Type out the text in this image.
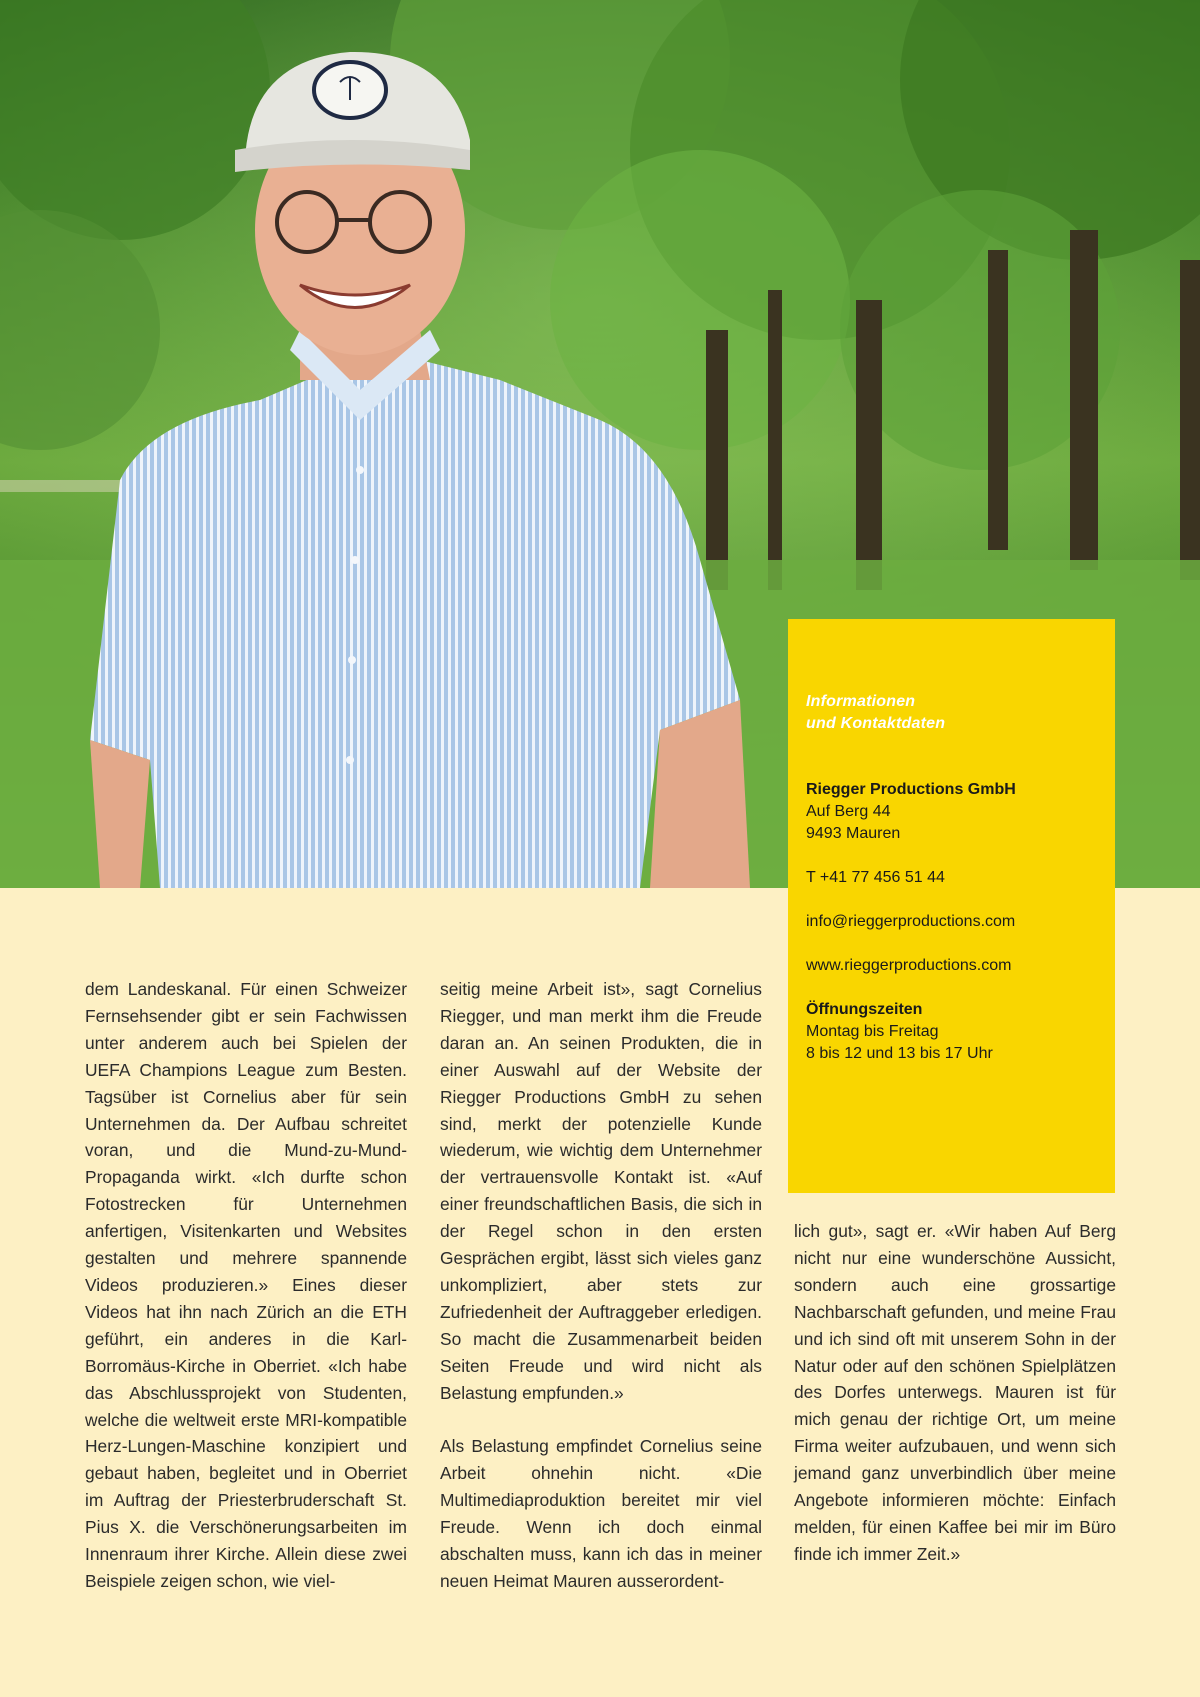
Informationen
und Kontaktdaten
Riegger Productions GmbH
Auf Berg 44
9493 Mauren
T +41 77 456 51 44
info@rieggerproductions.com
www.rieggerproductions.com
Öffnungszeiten
Montag bis Freitag
8 bis 12 und 13 bis 17 Uhr

dem Landeskanal. Für einen Schweizer Fernsehsender gibt er sein Fachwissen unter anderem auch bei Spielen der UEFA Champions League zum Besten. Tagsüber ist Cornelius aber für sein Unternehmen da. Der Aufbau schreitet voran, und die Mund-zu-Mund-Propaganda wirkt. «Ich durfte schon Fotostrecken für Unternehmen anfertigen, Visitenkarten und Websites gestalten und mehrere spannende Videos produzieren.» Eines dieser Videos hat ihn nach Zürich an die ETH geführt, ein anderes in die Karl-Borromäus-Kirche in Oberriet. «Ich habe das Abschlussprojekt von Studenten, welche die weltweit erste MRI-kompatible Herz-Lungen-Maschine konzipiert und gebaut haben, begleitet und in Oberriet im Auftrag der Priesterbruderschaft St. Pius X. die Verschönerungsarbeiten im Innenraum ihrer Kirche. Allein diese zwei Beispiele zeigen schon, wie viel-

seitig meine Arbeit ist», sagt Cornelius Riegger, und man merkt ihm die Freude daran an. An seinen Produkten, die in einer Auswahl auf der Website der Riegger Productions GmbH zu sehen sind, merkt der potenzielle Kunde wiederum, wie wichtig dem Unternehmer der vertrauensvolle Kontakt ist. «Auf einer freundschaftlichen Basis, die sich in der Regel schon in den ersten Gesprächen ergibt, lässt sich vieles ganz unkompliziert, aber stets zur Zufriedenheit der Auftraggeber erledigen. So macht die Zusammenarbeit beiden Seiten Freude und wird nicht als Belastung empfunden.»

Als Belastung empfindet Cornelius seine Arbeit ohnehin nicht. «Die Multimediaproduktion bereitet mir viel Freude. Wenn ich doch einmal abschalten muss, kann ich das in meiner neuen Heimat Mauren ausserordent-

lich gut», sagt er. «Wir haben Auf Berg nicht nur eine wunderschöne Aussicht, sondern auch eine grossartige Nachbarschaft gefunden, und meine Frau und ich sind oft mit unserem Sohn in der Natur oder auf den schönen Spielplätzen des Dorfes unterwegs. Mauren ist für mich genau der richtige Ort, um meine Firma weiter aufzubauen, und wenn sich jemand ganz unverbindlich über meine Angebote informieren möchte: Einfach melden, für einen Kaffee bei mir im Büro finde ich immer Zeit.»
